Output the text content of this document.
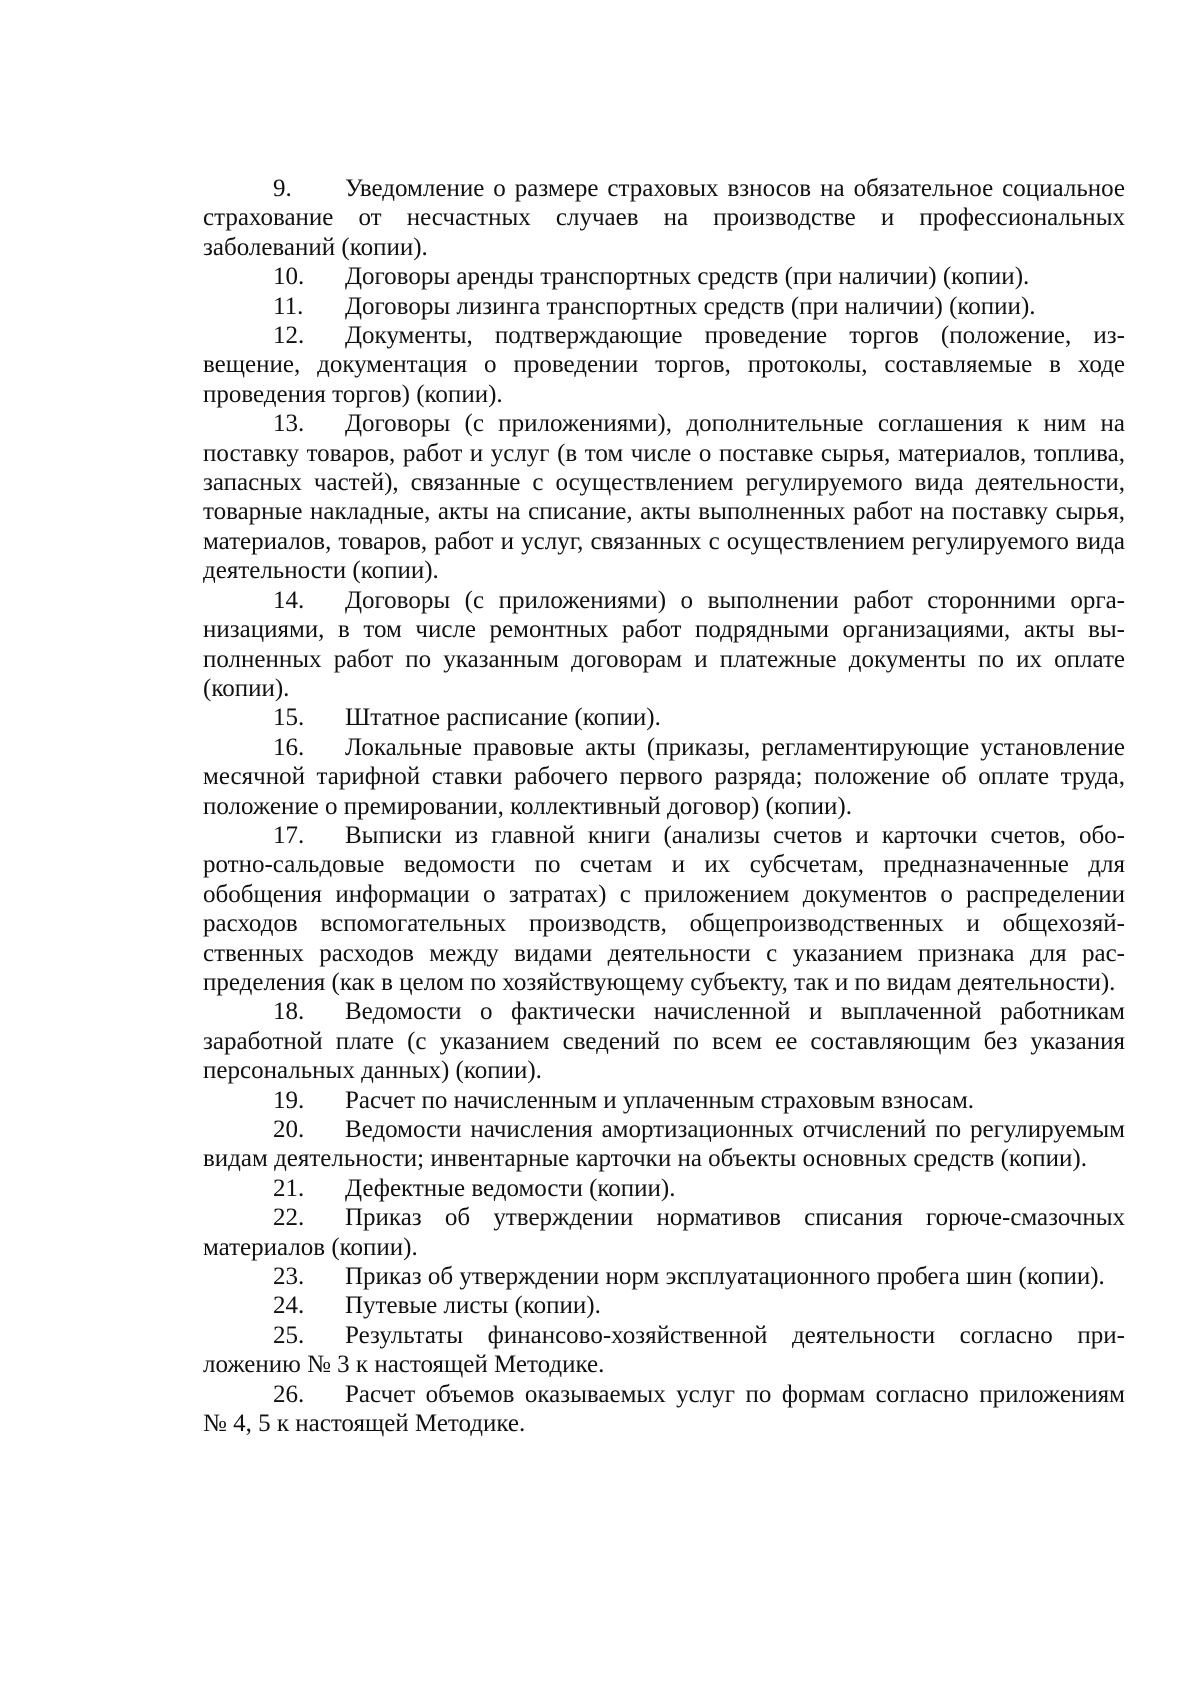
9. Уведомление о размере страховых взносов на обязательное социальное страхование от несчастных случаев на производстве и профессиональных заболеваний (копии).

10. Договоры аренды транспортных средств (при наличии) (копии).

11. Договоры лизинга транспортных средств (при наличии) (копии).

12. Документы, подтверждающие проведение торгов (положение, извещение, документация о проведении торгов, протоколы, составляемые в ходе проведения торгов) (копии).

13. Договоры (с приложениями), дополнительные соглашения к ним на поставку товаров, работ и услуг (в том числе о поставке сырья, материалов, топлива, запасных частей), связанные с осуществлением регулируемого вида деятельности, товарные накладные, акты на списание, акты выполненных работ на поставку сырья, материалов, товаров, работ и услуг, связанных с осуществлением регулируемого вида деятельности (копии).

14. Договоры (с приложениями) о выполнении работ сторонними организациями, в том числе ремонтных работ подрядными организациями, акты выполненных работ по указанным договорам и платежные документы по их оплате (копии).

15. Штатное расписание (копии).

16. Локальные правовые акты (приказы, регламентирующие установление месячной тарифной ставки рабочего первого разряда; положение об оплате труда, положение о премировании, коллективный договор) (копии).

17. Выписки из главной книги (анализы счетов и карточки счетов, оборотно-сальдовые ведомости по счетам и их субсчетам, предназначенные для обобщения информации о затратах) с приложением документов о распределении расходов вспомогательных производств, общепроизводственных и общехозяйственных расходов между видами деятельности с указанием признака для распределения (как в целом по хозяйствующему субъекту, так и по видам деятельности).

18. Ведомости о фактически начисленной и выплаченной работникам заработной плате (с указанием сведений по всем ее составляющим без указания персональных данных) (копии).

19. Расчет по начисленным и уплаченным страховым взносам.

20. Ведомости начисления амортизационных отчислений по регулируемым видам деятельности; инвентарные карточки на объекты основных средств (копии).

21. Дефектные ведомости (копии).

22. Приказ об утверждении нормативов списания горюче-смазочных материалов (копии).

23. Приказ об утверждении норм эксплуатационного пробега шин (копии).

24. Путевые листы (копии).

25. Результаты финансово-хозяйственной деятельности согласно приложению № 3 к настоящей Методике.

26. Расчет объемов оказываемых услуг по формам согласно приложениям № 4, 5 к настоящей Методике.
